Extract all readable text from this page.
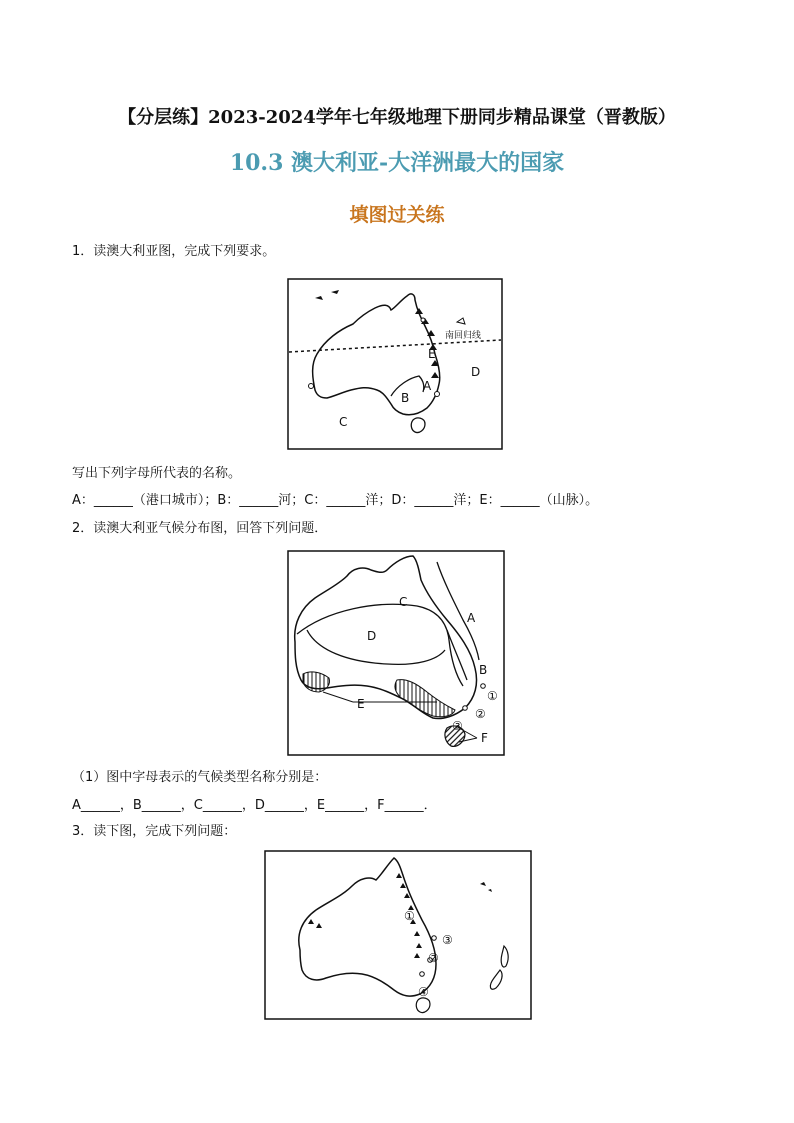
【分层练】2023-2024学年七年级地理下册同步精品课堂（晋教版）
10.3 澳大利亚-大洋洲最大的国家
填图过关练
1．读澳大利亚图，完成下列要求。
南回归线
E
A
B
C
D
写出下列字母所代表的名称。
A：______（港口城市）；B：______河；C：______洋；D：______洋；E：______（山脉）。
2．读澳大利亚气候分布图，回答下列问题．
C
D
A
B
E
F
①
②
③
（1）图中字母表示的气候类型名称分别是：
A______，B______，C______，D______，E______，F______．
3．读下图，完成下列问题：
①
②
③
④
